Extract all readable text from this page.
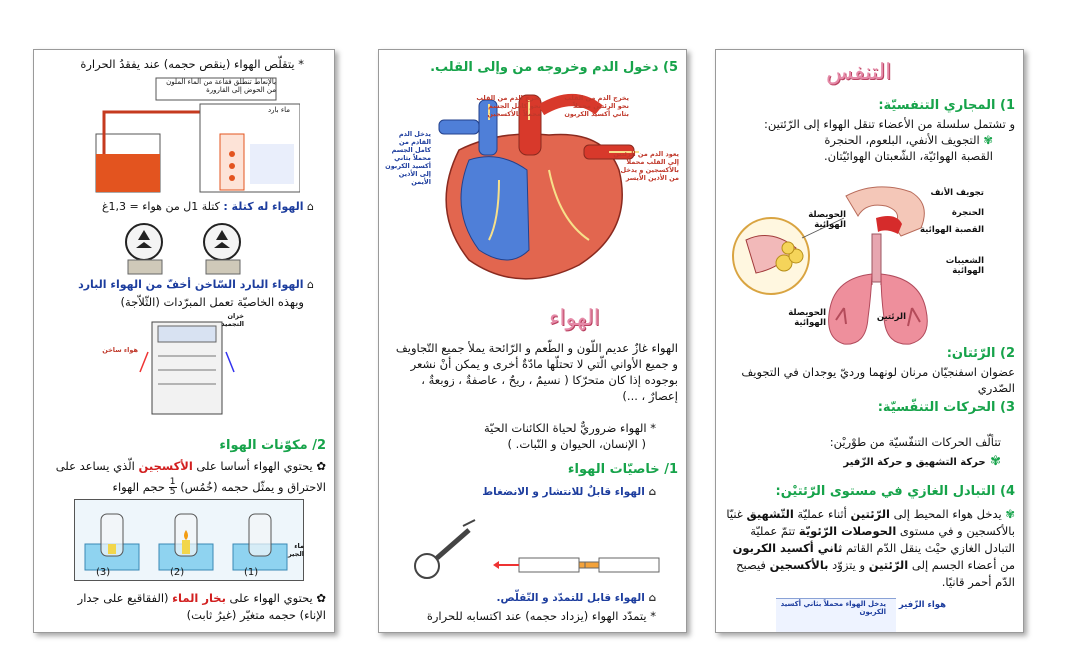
التنفس
1) المجاري التنفسيّة:
و تشتمل سلسلة من الأعضاء تنقل الهواء إلى الرّئتين:
✾ التجويف الأنفي، البلعوم، الحنجرة
القصبة الهوائيّة، الشّعبتان الهوائيّتان.
تجويف الأنف
الحنجرة
القصبة الهوائية
الشعيبات الهوائية
الرئتين
الحويصلة الهوائية
الحويصلة الهوائية
2) الرّئتان:
عضوان اسفنجيّان مرنان لونهما ورديّ يوجدان في التجويف
الصّدري
3) الحركات التنفّسيّة:
تتألّف الحركات التنفّسيّة من طوْريْن:
✾ حركة التشهيق و حركة الزّفير
4) التبادل الغازي في مستوى الرّئتيْن:
✾ يدخل هواء المحيط إلى الرّئتين أثناء عمليّة التّشهيق غنيّا
بالأكسجين و في مستوى الحوصلات الرّئويّة تتمّ عمليّة
التبادل الغازي حيْث ينقل الدّم القاتم ثاني أكسيد الكربون
من أعضاء الجسم إلى الرّئتين و يتزوّد بالأكسجين فيصبح
الدّم أحمر قانيًا.
هواء الزّفير
يدخل الهواء محملاً بثاني أكسيد الكربون
5) دخول الدم وخروجه من وإلى القلب.
يخرج الدم من القلب نحو كامل الجسم محملاً بالأكسجين
يخرج الدم من القلب نحو الرئتين محملاً بثاني أكسيد الكربون
يعود الدم من الرئتين إلى القلب محملاً بالأكسجين و يدخل من الأذين الأيسر
يدخل الدم القادم من كامل الجسم محملاً بثاني أكسيد الكربون إلى الأذين الأيمن
الهواء
الهواء غازٌ عديم اللّون و الطّعم و الرّائحة يملأ جميع التّجاويف
و جميع الأواني الّتي لا تحتلّها مادّةٌ أخرى و يمكن أنْ نشعر
بوجوده إذا كان متحرّكا ( نسيمٌ ، ريحٌ ، عاصفةٌ ، زوبعةٌ ،
إعصارٌ ، ...)
* الهواء ضروريٌّ لحياة الكائنات الحيّة
( الإنسان، الحيوان و النّبات. )
1/ خاصيّات الهواء
⌂ الهواء قابلٌ للانتشار و الانضغاط
⌂ الهواء قابل للتمدّد و التّقلّص.
* يتمدّد الهواء (يزداد حجمه) عند اكتسابه للحرارة
* يتقلّص الهواء (ينقص حجمه) عند يفقدُ الحرارة
بالإنعاط تنطلق فقاعة من الماء الملون من الحوض إلى القارورة
ماء بارد
⌂ الهواء له كتلة : كتلة 1ل من هواء = 1,3غ
⌂ الهواء البارد السّاخن أخفّ من الهواء البارد
وبهذه الخاصيّة تعمل المبرّدات (الثّلاّجة)
خزان التجميد
هواء ساخن
2/ مكوّنات الهواء
✿ يحتوي الهواء أساسا على الأكسجين الّذي يساعد على
الاحتراق و يمثّل حجمه (خُمُس)
$\frac{1}{5}$
حجم الهواء
(3)	(2)	(1)
ماء الجير
✿ يحتوي الهواء على بخار الماء (الفقاقيع على جدار
الإناء) حجمه متغيّر (غيرُ ثابت)
